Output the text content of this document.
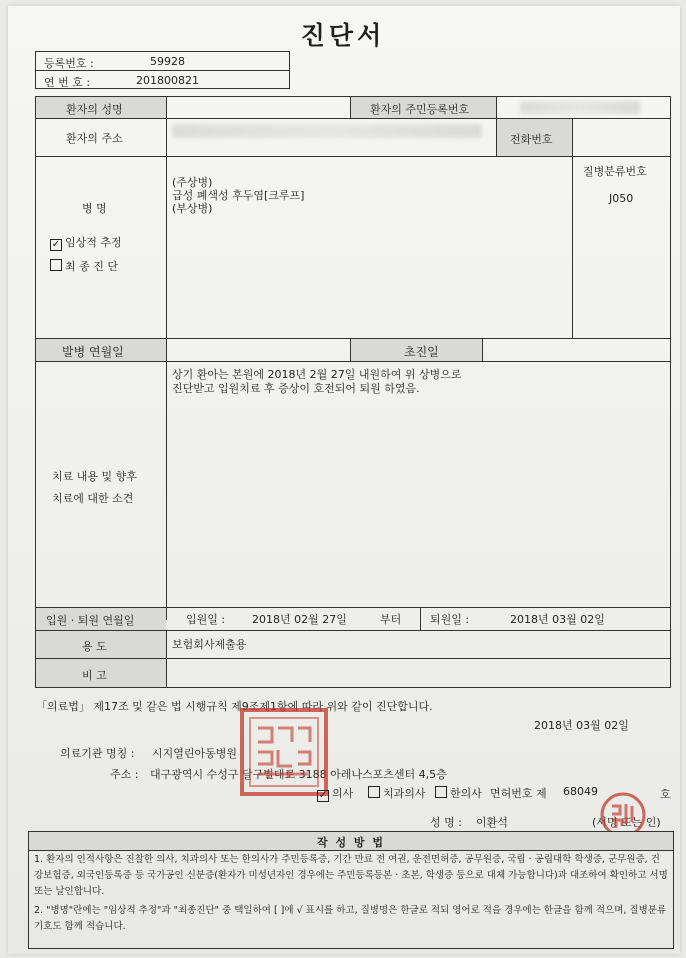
진단서
등록번호 :	59928
연 번 호 :	201800821
환자의 성명	환자의 주민등록번호
환자의 주소	전화번호
병 명
✓ 임상적 추정
최 종 진 단
(주상병)
급성 폐색성 후두염[크루프]
(부상병)
질병분류번호
J050
발병 연월일	초진일
상기 환아는 본원에 2018년 2월 27일 내원하여 위 상병으로
진단받고 입원치료 후 증상이 호전되어 퇴원 하였음.
치료 내용 및 향후
치료에 대한 소견
입원 · 퇴원 연월일	입원일 : 2018년 02월 27일	부터	퇴원일 :	2018년 03월 02일
용 도	보험회사제출용
비 고
「의료법」 제17조 및 같은 법 시행규칙 제9조제1항에 따라 위와 같이 진단합니다.
2018년 03월 02일
의료기관 명칭 : 시지열린아동병원
주소 : 대구광역시 수성구 달구벌대로 3188 아레나스포츠센터 4,5층
✓ 의사	치과의사	한의사 면허번호 제 68049	호
성 명 : 이환석	(서명 또는 인)
작 성 방 법
1. 환자의 인적사항은 진찰한 의사, 치과의사 또는 한의사가 주민등록증, 기간 만료 전 여권, 운전면허증, 공무원증, 국립 · 공립대학 학생증, 군무원증, 건강보험증, 외국인등록증 등 국가공인 신분증(환자가 미성년자인 경우에는 주민등록등본 · 초본, 학생증 등으로 대체 가능합니다)과 대조하여 확인하고 서명 또는 날인합니다.
2. "병명"란에는 "임상적 추정"과 "최종진단" 중 택일하여 [ ]에 √ 표시를 하고, 질병명은 한글로 적되 영어로 적을 경우에는 한글을 함께 적으며, 질병분류기호도 함께 적습니다.
